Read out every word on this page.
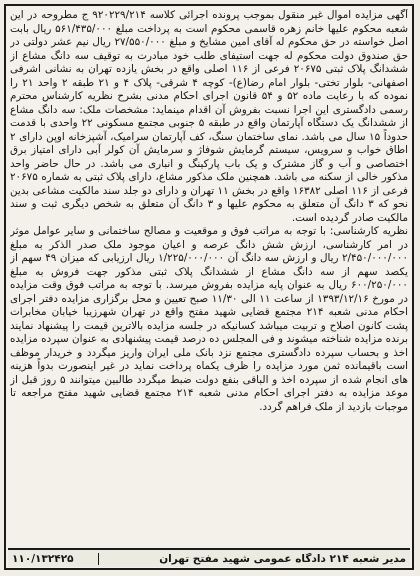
آگهی مزایده اموال غیر منقول بموجب پرونده اجرائی کلاسه ۹۲۰۲۲۹/۲۱۴ ج مطروحه در این شعبه محکوم علیها خانم زهره قاسمی محکوم است به پرداخت مبلغ ۵۶۱/۴۳۵/۰۰۰ ریال بابت اصل خواسته در حق محکوم له آقای امین مشایخ و مبلغ ۲۷/۵۵۰/۰۰۰ ریال نیم عشر دولتی در حق صندوق دولت محکوم له جهت استیفای طلب خود مبادرت به توقیف سه دانگ مشاع از ششدانگ پلاک ثبتی ۲۰۶۷۵ فرعی از ۱۱۶ اصلی واقع در بخش یازده تهران به نشانی اشرفی اصفهانی- بلوار تختی- بلوار امام رضا(ع)- کوچه ۴ شرقی- پلاک ۴ و ۲۱ طبقه ۲ واحد ۲۱ را نموده که با رعایت ماده ۵۲ و ۵۴ قانون اجرای احکام مدنی بشرح نظریه کارشناس محترم رسمی دادگستری این اجرا نسبت بفروش آن اقدام مینماید: مشخصات ملک: سه دانگ مشاع از ششدانگ یک دستگاه آپارتمان واقع در طبقه ۵ جنوبی مجتمع مسکونی ۲۲ واحدی با قدمت حدوداً ۱۵ سال می باشد. نمای ساختمان سنگ، کف آپارتمان سرامیک، آشپزخانه اوپن دارای ۲ اطاق خواب و سرویس، سیستم گرمایش شوفاژ و سرمایش آن کولر آبی دارای امتیاز برق اختصاصی و آب و گاز مشترک و یک باب پارکینگ و انباری می باشد. در حال حاضر واحد مذکور خالی از سکنه می باشد. همچنین ملک مذکور مشاع، دارای پلاک ثبتی به شماره ۲۰۶۷۵ فرعی از ۱۱۶ اصلی ۱۶۳۸۲ واقع در بخش ۱۱ تهران و دارای دو جلد سند مالکیت مشاعی بدین نحو که ۳ دانگ آن متعلق به محکوم علیها و ۳ دانگ آن متعلق به شخص دیگری ثبت و سند مالکیت صادر گردیده است.

نظریه کارشناسی: با توجه به مراتب فوق و موقعیت و مصالح ساختمانی و سایر عوامل موثر در امر کارشناسی، ارزش شش دانگ عرصه و اعیان موجود ملک صدر الذکر به مبلغ ۲/۴۵۰/۰۰۰/۰۰۰ ریال و ارزش سه دانگ آن ۱/۲۲۵/۰۰۰/۰۰۰ ریال ارزیابی که میزان ۴۹ سهم از یکصد سهم از سه دانگ مشاع از ششدانگ پلاک ثبتی مذکور جهت فروش به مبلغ ۶۰۰/۲۵۰/۰۰۰ ریال به عنوان پایه مزایده بفروش میرسد. با توجه به مراتب فوق وقت مزایده در مورخ ۱۳۹۳/۱۲/۱۶ از ساعت ۱۱ الی ۱۱/۳۰ صبح تعیین و محل برگزاری مزایده دفتر اجرای احکام مدنی شعبه ۲۱۴ مجتمع قضایی شهید مفتح واقع در تهران شهرزیبا خیابان مخابرات پشت کانون اصلاح و تربیت میباشد کسانیکه در جلسه مزایده بالاترین قیمت را پیشنهاد نمایند برنده مزایده شناخته میشوند و فی المجلس ده درصد قیمت پیشنهادی به عنوان سپرده مزایده اخذ و بحساب سپرده دادگستری مجتمع نزد بانک ملی ایران واریز میگردد و خریدار موظف است باقیمانده ثمن مورد مزایده را ظرف یکماه پرداخت نماید در غیر اینصورت بدواً هزینه های انجام شده از سپرده اخذ و الباقی بنفع دولت ضبط میگردد طالبین میتوانند ۵ روز قبل از موعد مزایده به دفتر اجرای احکام مدنی شعبه ۲۱۴ مجتمع قضایی شهید مفتح مراجعه تا موجبات بازدید از ملک فراهم گردد.

مدیر شعبه ۲۱۴ دادگاه عمومی شهید مفتح تهران
۱۱۰/۱۳۲۴۲۵
